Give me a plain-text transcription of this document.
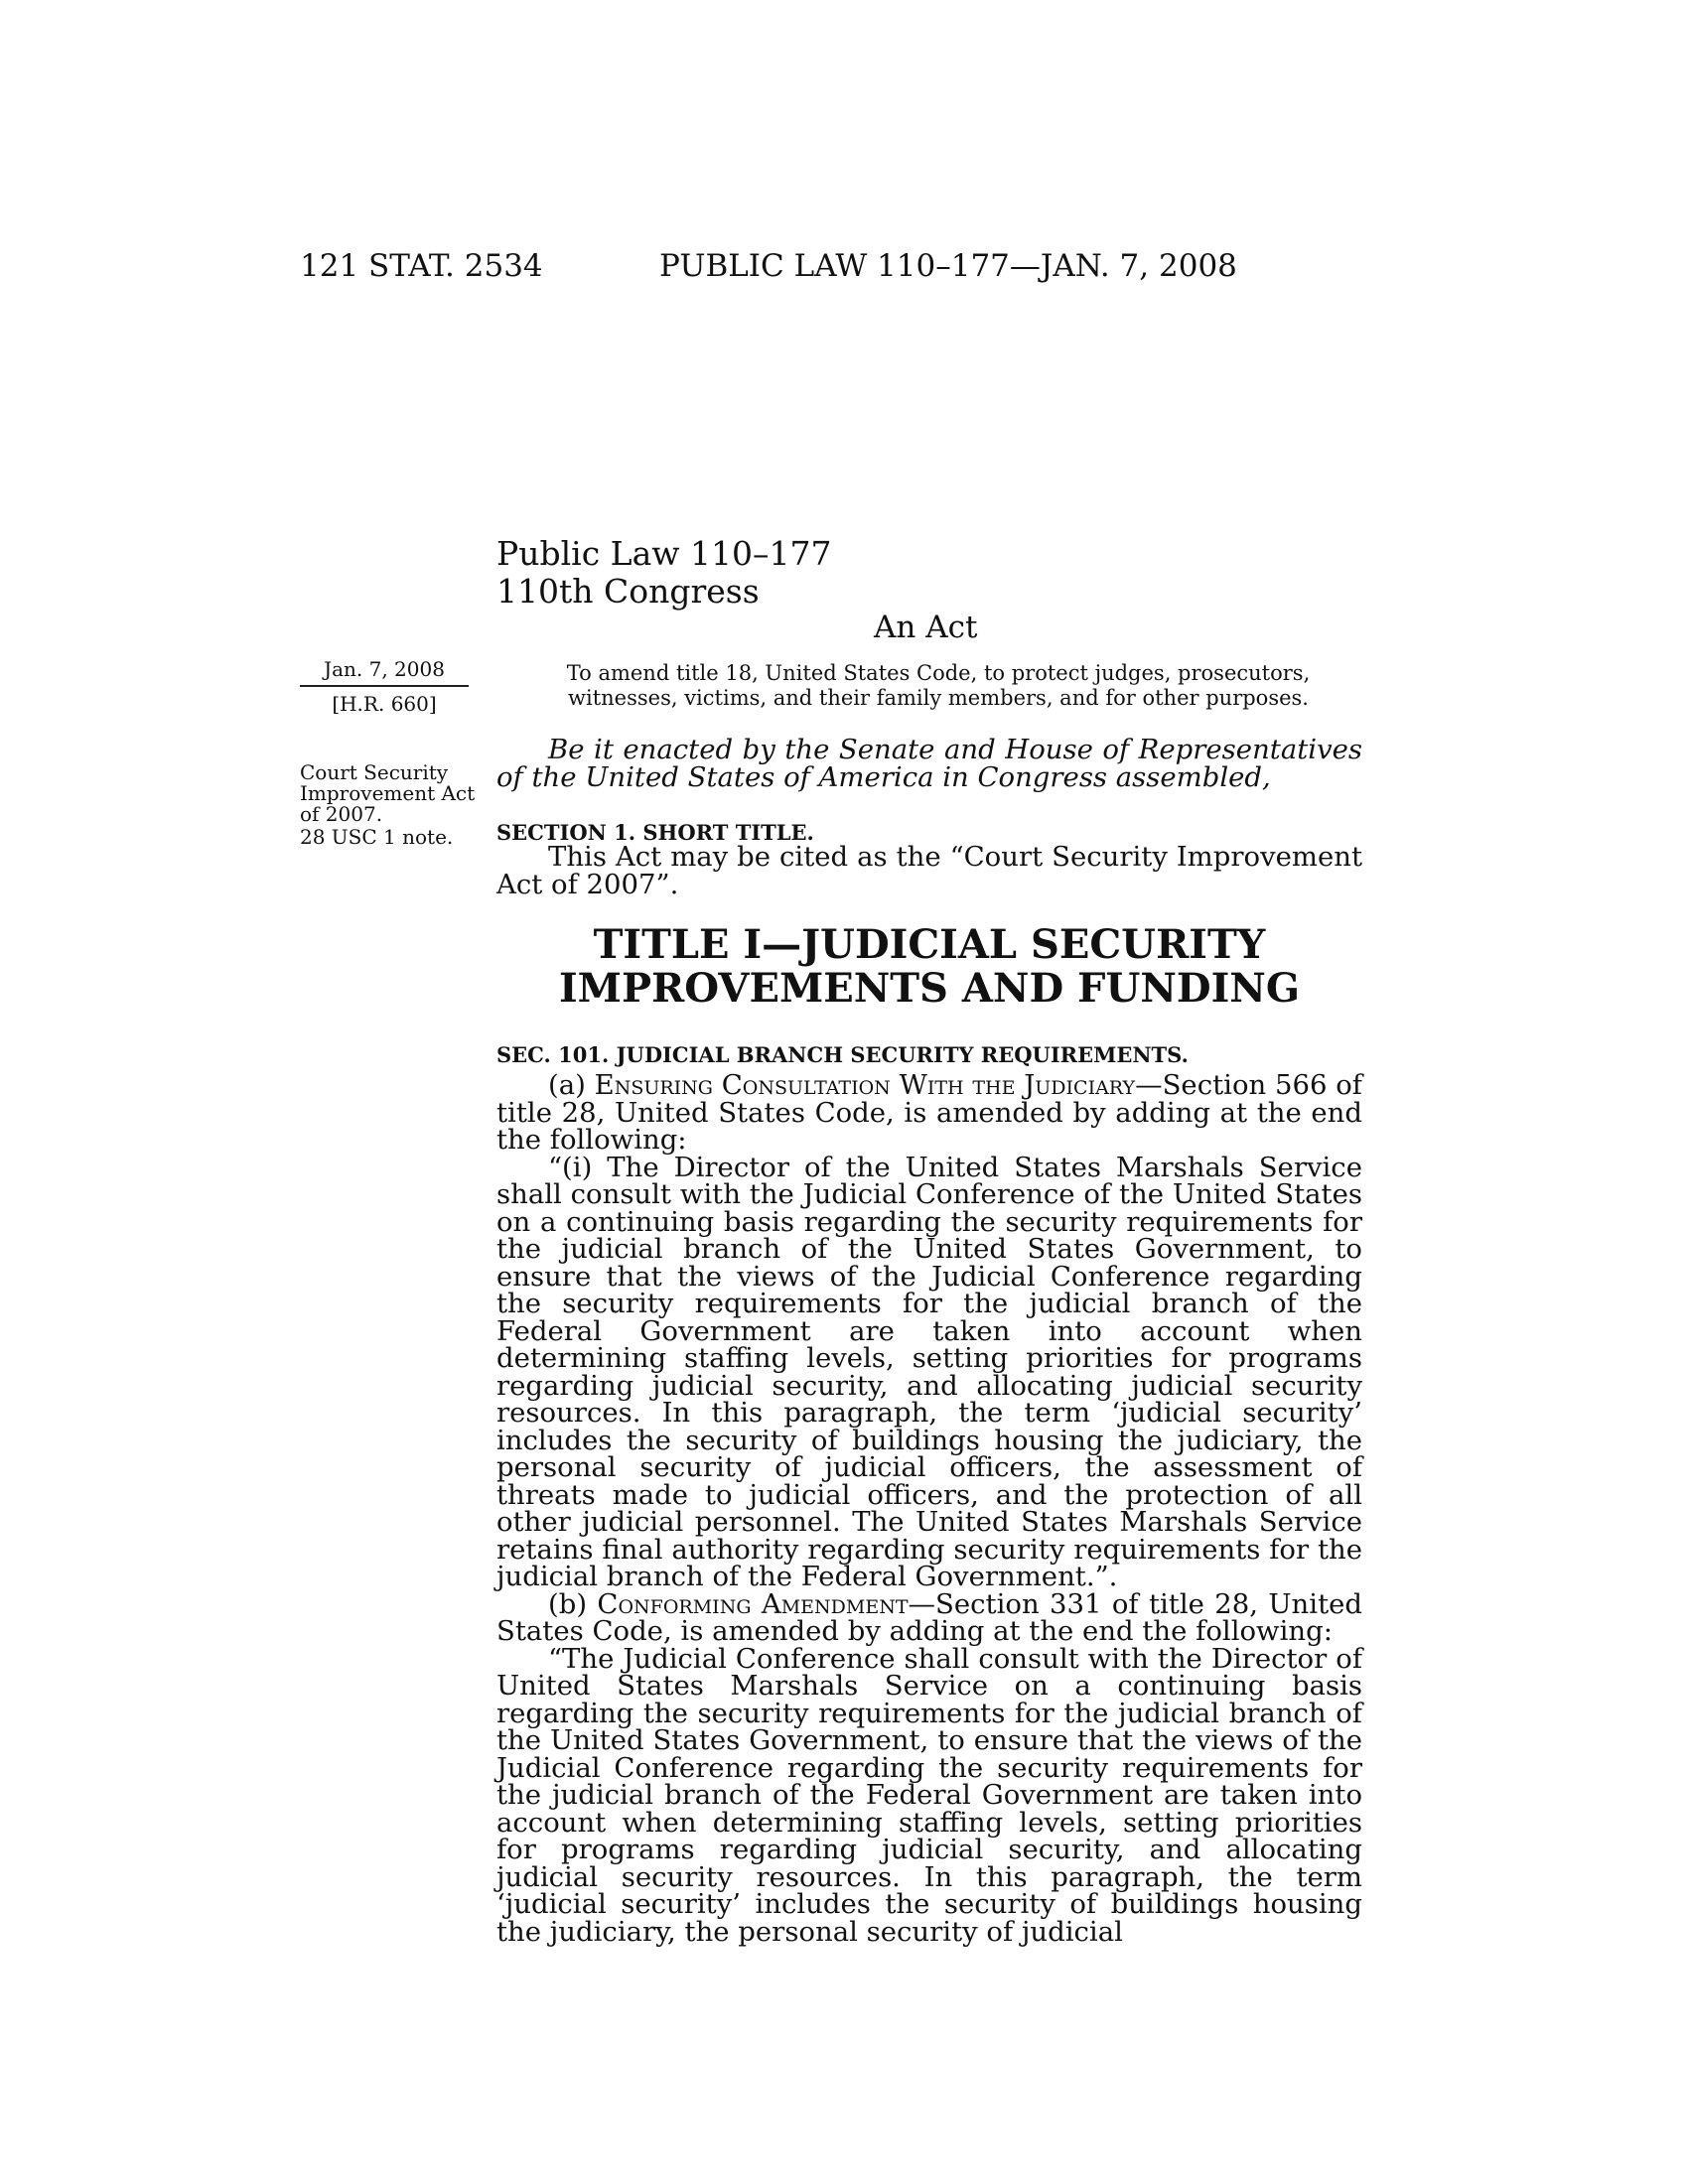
121 STAT. 2534	PUBLIC LAW 110–177—JAN. 7, 2008
Public Law 110–177
110th Congress
An Act
Jan. 7, 2008
[H.R. 660]
Court Security Improvement Act of 2007.
28 USC 1 note.
To amend title 18, United States Code, to protect judges, prosecutors, witnesses, victims, and their family members, and for other purposes.
Be it enacted by the Senate and House of Representatives of the United States of America in Congress assembled,
SECTION 1. SHORT TITLE.
This Act may be cited as the “Court Security Improvement Act of 2007”.
TITLE I—JUDICIAL SECURITY IMPROVEMENTS AND FUNDING
SEC. 101. JUDICIAL BRANCH SECURITY REQUIREMENTS.

(a) Ensuring Consultation With the Judiciary—Section 566 of title 28, United States Code, is amended by adding at the end the following:

“(i) The Director of the United States Marshals Service shall consult with the Judicial Conference of the United States on a continuing basis regarding the security requirements for the judicial branch of the United States Government, to ensure that the views of the Judicial Conference regarding the security requirements for the judicial branch of the Federal Government are taken into account when determining staffing levels, setting priorities for programs regarding judicial security, and allocating judicial security resources. In this paragraph, the term ‘judicial security’ includes the security of buildings housing the judiciary, the personal security of judicial officers, the assessment of threats made to judicial officers, and the protection of all other judicial personnel. The United States Marshals Service retains final authority regarding security requirements for the judicial branch of the Federal Government.”.

(b) Conforming Amendment—Section 331 of title 28, United States Code, is amended by adding at the end the following:

“The Judicial Conference shall consult with the Director of United States Marshals Service on a continuing basis regarding the security requirements for the judicial branch of the United States Government, to ensure that the views of the Judicial Conference regarding the security requirements for the judicial branch of the Federal Government are taken into account when determining staffing levels, setting priorities for programs regarding judicial security, and allocating judicial security resources. In this paragraph, the term ‘judicial security’ includes the security of buildings housing the judiciary, the personal security of judicial
